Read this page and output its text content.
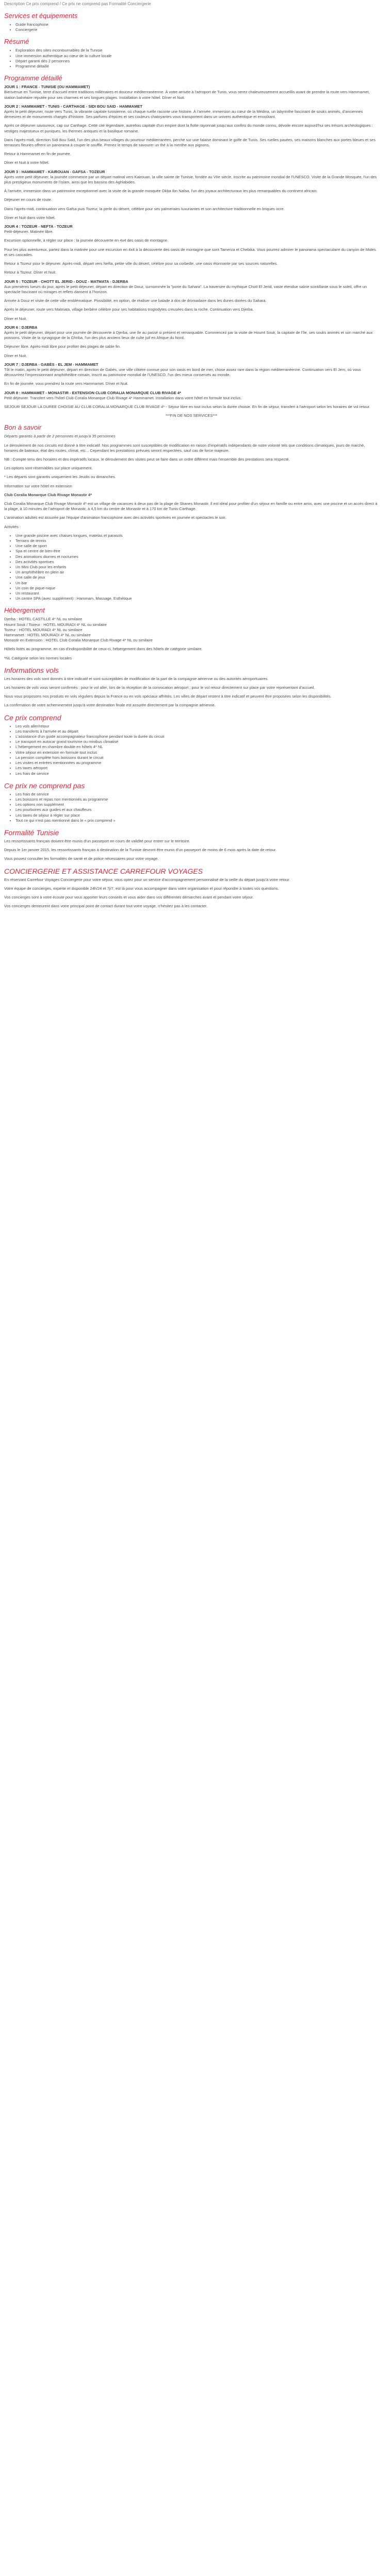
Description Ce prix comprend / Ce prix ne comprend pas Formalité Conciergerie

Services et équipements
• Guide francophone
• Conciergerie
Résumé
• Exploration des sites incontournables de la Tunisie
• Une immersion authentique au cœur de la culture locale
• Départ garanti dès 2 personnes
• Programme détaillé
Programme détaillé

JOUR 1 : FRANCE - TUNISIE (OU HAMMAMET)
Bienvenue en Tunisie, terre d'accueil entre traditions millénaires et douceur méditerranéenne. À votre arrivée à l'aéroport de Tunis, vous serez chaleureusement accueillis avant de prendre la route vers Hammamet, station balnéaire réputée pour ses charmes et ses longues plages. Installation à votre hôtel. Dîner et Nuit.

JOUR 2 : HAMMAMET - TUNIS - CARTHAGE - SIDI BOU SAID - HAMMAMET
Après le petit déjeuner, route vers Tunis, la vibrante capitale tunisienne, où chaque ruelle raconte une histoire. À l'arrivée, immersion au cœur de la Médina, un labyrinthe fascinant de souks animés, d'anciennes demeures et de monuments chargés d'histoire. Ses parfums d'épices et ses couleurs chatoyantes vous transportent dans un univers authentique et envoûtant.

Après ce déjeuner savoureux, cap sur Carthage. Cette cité légendaire, autrefois capitale d'un empire dont la flotte rayonnait jusqu'aux confins du monde connu, dévoile encore aujourd'hui ses trésors archéologiques : vestiges majestueux et puniques, les thermes antiques et la basilique romaine.

Dans l'après-midi, direction Sidi Bou Said, l'un des plus beaux villages du pourtour méditerranéen, perché sur une falaise dominant le golfe de Tunis. Ses ruelles pavées, ses maisons blanches aux portes bleues et ses terrasses fleuries offrent un panorama à couper le souffle. Prenez le temps de savourer un thé à la menthe aux pignons.

Retour à Hammamet en fin de journée.

Dîner et Nuit à votre hôtel.

JOUR 3 : HAMMAMET - KAIROUAN - GAFSA - TOZEUR
Après votre petit déjeuner, la journée commence par un départ matinal vers Kairouan, la ville sainte de Tunisie, fondée au VIIe siècle, inscrite au patrimoine mondial de l'UNESCO. Visite de la Grande Mosquée, l'un des plus prestigieux monuments de l'islam, ainsi que les bassins des Aghlabides.

À l'arrivée, immersion dans un patrimoine exceptionnel avec la visite de la grande mosquée Okba Ibn Nafaa, l'un des joyaux architecturaux les plus remarquables du continent africain.

Déjeuner en cours de route.

Dans l'après-midi, continuation vers Gafsa puis Tozeur, la perle du désert, célèbre pour ses palmeraies luxuriantes et son architecture traditionnelle en briques ocre.

Dîner et Nuit dans votre hôtel.

JOUR 4 : TOZEUR - NEFTA - TOZEUR
Petit-déjeuner. Matinée libre.

Excursion optionnelle, à régler sur place : la journée découverte en 4x4 des oasis de montagne.

Pour les plus aventureux, partez dans la matinée pour une excursion en 4x4 à la découverte des oasis de montagne que sont Tamerza et Chebika. Vous pourrez admirer le panorama spectaculaire du canyon de Mides et ses cascades.

Retour à Tozeur pour le déjeuner. Après-midi, départ vers Nefta, petite ville du désert, célèbre pour sa corbeille, une oasis étonnante par ses sources naturelles.

Retour à Tozeur. Dîner et Nuit.

JOUR 5 : TOZEUR - CHOTT EL JERID - DOUZ - MATMATA - DJERBA
Aux premières lueurs du jour, après le petit déjeuner, départ en direction de Douz, surnommée la "porte du Sahara". La traversée du mythique Chott El Jerid, vaste étendue saline scintillante sous le soleil, offre un spectacle fascinant où mirages et reflets dansent à l'horizon.

Arrivée à Douz et visite de cette ville emblématique. Possibilité, en option, de réaliser une balade à dos de dromadaire dans les dunes dorées du Sahara.

Après le déjeuner, route vers Matmata, village berbère célèbre pour ses habitations troglodytes creusées dans la roche. Continuation vers Djerba.

Dîner et Nuit.

JOUR 6 : DJERBA
Après le petit déjeuner, départ pour une journée de découverte à Djerba, une île au passé si présent et remarquable. Commencez par la visite de Houmt Souk, la capitale de l'île, ses souks animés et son marché aux poissons. Visite de la synagogue de la Ghriba, l'un des plus anciens lieux de culte juif en Afrique du Nord.

Déjeuner libre. Après-midi libre pour profiter des plages de sable fin.

Dîner et Nuit.

JOUR 7 : DJERBA - GABÈS - EL JEM - HAMMAMET
Tôt le matin, après le petit déjeuner, départ en direction de Gabès, une ville côtière connue pour son oasis en bord de mer, chose assez rare dans la région méditerranéenne. Continuation vers El Jem, où vous découvrirez l'impressionnant amphithéâtre romain, inscrit au patrimoine mondial de l'UNESCO, l'un des mieux conservés au monde.

En fin de journée, vous prendrez la route vers Hammamet. Dîner et Nuit.

JOUR 8 : HAMMAMET - MONASTIR - EXTENSION CLUB CORALIA MONARQUE CLUB RIVAGE 4*
Petit déjeuner. Transfert vers l'hôtel Club Coralia Monarque Club Rivage 4* Hammamet. Installation dans votre hôtel en formule tout inclus.

SEJOUR SEJOUR LA DUREE CHOISIE AU CLUB CORALIA MONARQUE CLUB RIVAGE 4* - Séjour libre en tout inclus selon la durée choisie. En fin de séjour, transfert à l'aéroport selon les horaires de vol retour.

***FIN DE NOS SERVICES***

Bon à savoir

Départs garantis à partir de 2 personnes et jusqu'à 35 personnes

Le déroulement de nos circuits est donné à titre indicatif. Nos programmes sont susceptibles de modification en raison d'impératifs indépendants de notre volonté tels que conditions climatiques, jours de marché, horaires de bateaux, état des routes, climat, etc... Cependant les prestations prévues seront respectées, sauf cas de force majeure.

NB : Compte tenu des horaires et des impératifs locaux, le déroulement des visites peut se faire dans un ordre différent mais l'ensemble des prestations sera respecté.

Les options sont réservables sur place uniquement.

* Les départs sont garantis uniquement les Jeudis ou dimanches.

Information sur votre hôtel en extension

Club Coralia Monarque Club Rivage Monastir 4*

Club Coralia Monarque Club Rivage Monastir 4* est un village de vacances à deux pas de la plage de Skanes Monastir. Il est idéal pour profiter d'un séjour en famille ou entre amis, avec une piscine et un accès direct à la plage, à 10 minutes de l'aéroport de Monastir, à 4,5 km du centre de Monastir et à 170 km de Tunis-Carthage.

L'animation adultes est assurée par l'équipe d'animation francophone avec des activités sportives en journée et spectacles le soir.

Activités :

• Une grande piscine avec chaises longues, matelas et parasols
• Terrains de tennis
• Une salle de sport
• Spa et centre de bien-être
• Des animations diurnes et nocturnes
• Des activités sportives
• Un Mini Club pour les enfants
• Un amphithéâtre en plein air
• Une salle de jeux
• Un bar
• Un coin de pique-nique
• Un restaurant
• Un centre SPA (avec supplément) : Hammam, Massage, Esthétique
Hébergement

Djerba : HOTEL CASTILLE 4* NL ou similaire
Houmt Souk / Tozeur : HOTEL MOURADI 4* NL ou similaire
Tozeur : HOTEL MOURADI 4* NL ou similaire
Hammamet : HOTEL MOURADI 4* NL ou similaire
Monastir en Extension : HOTEL Club Coralia Monarque Club Rivage 4* NL ou similaire

Hôtels listés au programme, en cas d'indisponibilité de ceux-ci, hébergement dans des hôtels de catégorie similaire.

*NL Catégorie selon les normes locales

Informations vols

Les horaires des vols sont donnés à titre indicatif et sont susceptibles de modification de la part de la compagnie aérienne ou des autorités aéroportuaires.

Les horaires de vols vous seront confirmés : pour le vol aller, lors de la réception de la convocation aéroport ; pour le vol retour directement sur place par votre représentant d'accueil.

Nous vous proposons nos produits en vols réguliers depuis la France ou en vols spéciaux affrétés. Les villes de départ restent à titre indicatif et peuvent être proposées selon les disponibilités.

La confirmation de votre acheminement jusqu'à votre destination finale est assurée directement par la compagnie aérienne.

Ce prix comprend
• Les vols aller/retour
• Les transferts à l'arrivée et au départ
• L'assistance d'un guide accompagnateur francophone pendant toute la durée du circuit
• Le transport en autocar grand tourisme ou minibus climatisé
• L'hébergement en chambre double en hôtels 4* NL
• Votre séjour en extension en formule tout inclus
• La pension complète hors boissons durant le circuit
• Les visites et entrées mentionnées au programme
• Les taxes aéroport
• Les frais de service
Ce prix ne comprend pas
• Les frais de service
• Les boissons et repas non mentionnés au programme
• Les options non supplément
• Les pourboires aux guides et aux chauffeurs
• Les taxes de séjour à régler sur place
• Tout ce qui n'est pas mentionné dans le « prix comprend »
Formalité Tunisie

Les ressortissants français doivent être munis d'un passeport en cours de validité pour entrer sur le territoire.

Depuis le 1er janvier 2015, les ressortissants français à destination de la Tunisie devront être munis d'un passeport de moins de 6 mois après la date de retour.

Vous pouvez consulter les formalités de santé et de police nécessaires pour votre voyage.

CONCIERGERIE ET ASSISTANCE CARREFOUR VOYAGES

En réservant Carrefour Voyages Conciergerie pour votre séjour, vous optez pour un service d'accompagnement personnalisé de la veille du départ jusqu'à votre retour.

Votre équipe de concierges, experte et disponible 24h/24 et 7j/7, est là pour vous accompagner dans votre organisation et pour répondre à toutes vos questions.

Vos concierges sont à votre écoute pour vous apporter leurs conseils et vous aider dans vos différentes démarches avant et pendant votre séjour.

Vos concierges demeurent dans votre principal point de contact durant tout votre voyage, n'hésitez pas à les contacter.
